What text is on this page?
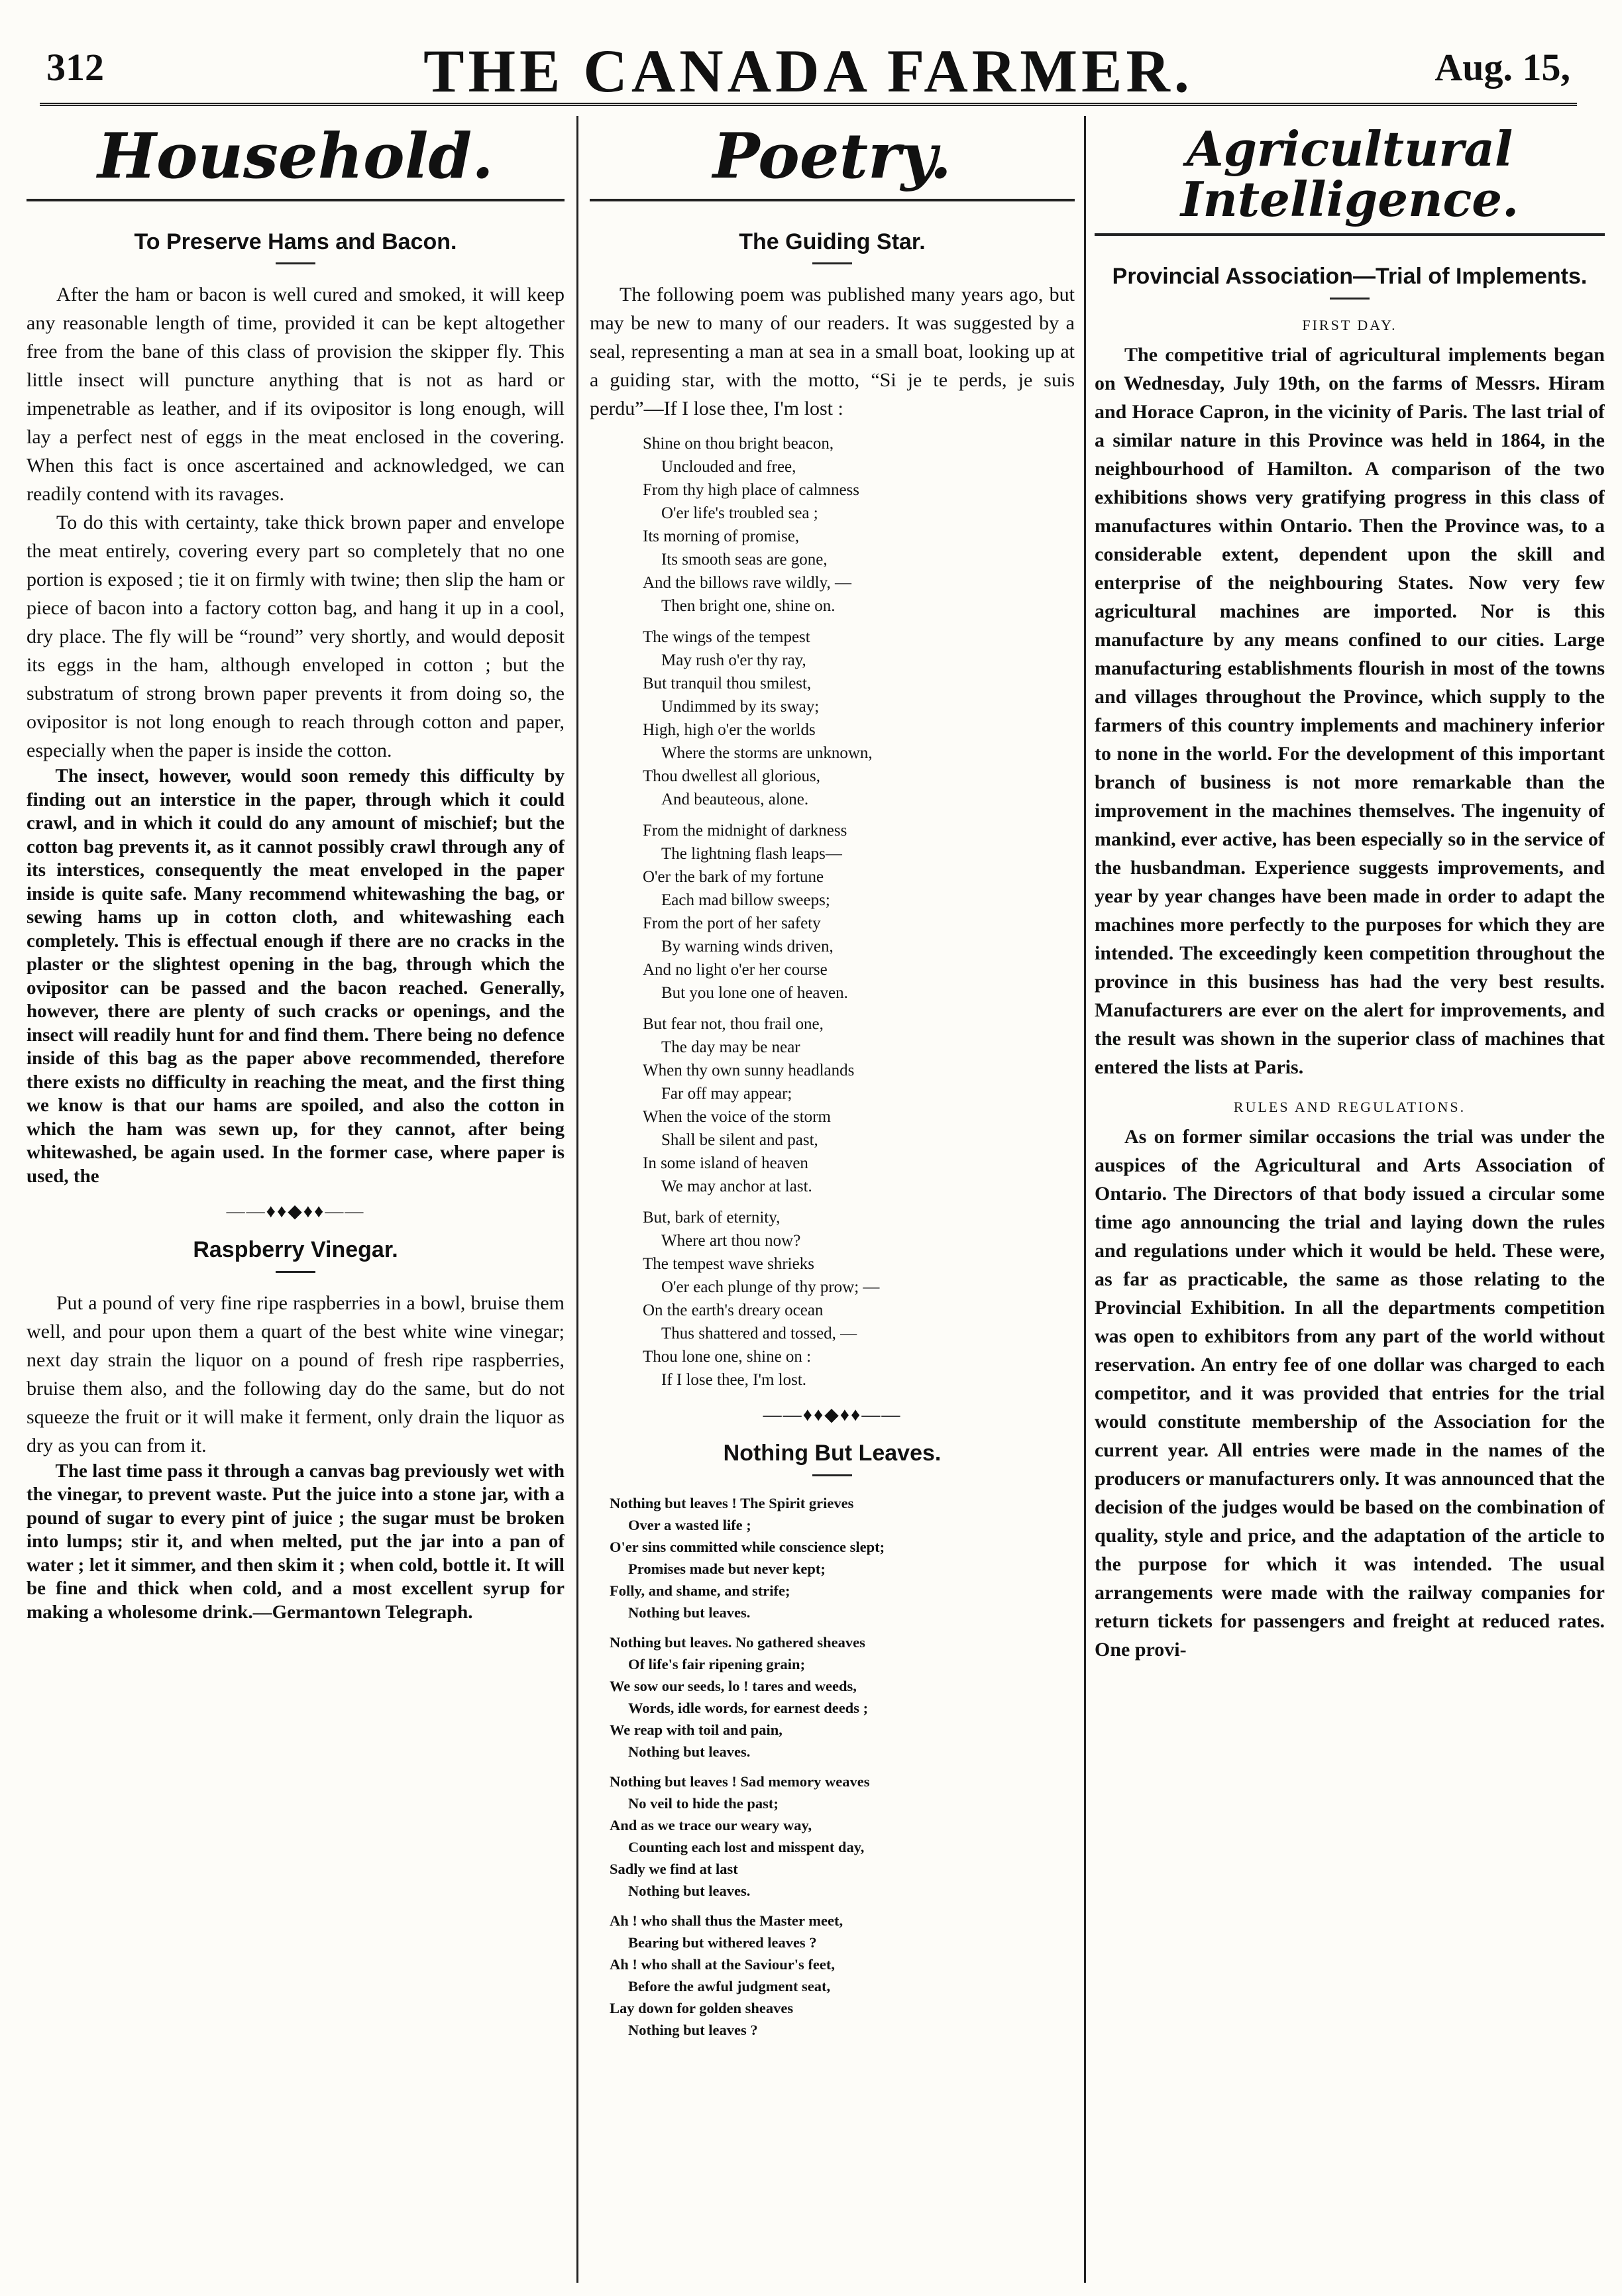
312	THE CANADA FARMER.	Aug. 15,
Household.
To Preserve Hams and Bacon.

After the ham or bacon is well cured and smoked, it will keep any reasonable length of time, provided it can be kept altogether free from the bane of this class of provision the skipper fly. This little insect will puncture anything that is not as hard or impenetrable as leather, and if its ovipositor is long enough, will lay a perfect nest of eggs in the meat enclosed in the covering. When this fact is once ascertained and acknowledged, we can readily contend with its ravages.

To do this with certainty, take thick brown paper and envelope the meat entirely, covering every part so completely that no one portion is exposed ; tie it on firmly with twine; then slip the ham or piece of bacon into a factory cotton bag, and hang it up in a cool, dry place. The fly will be “round” very shortly, and would deposit its eggs in the ham, although enveloped in cotton ; but the substratum of strong brown paper prevents it from doing so, the ovipositor is not long enough to reach through cotton and paper, especially when the paper is inside the cotton.

The insect, however, would soon remedy this difficulty by finding out an interstice in the paper, through which it could crawl, and in which it could do any amount of mischief; but the cotton bag prevents it, as it cannot possibly crawl through any of its interstices, consequently the meat enveloped in the paper inside is quite safe. Many recommend whitewashing the bag, or sewing hams up in cotton cloth, and whitewashing each completely. This is effectual enough if there are no cracks in the plaster or the slightest opening in the bag, through which the ovipositor can be passed and the bacon reached. Generally, however, there are plenty of such cracks or openings, and the insect will readily hunt for and find them. There being no defence inside of this bag as the paper above recommended, therefore there exists no difficulty in reaching the meat, and the first thing we know is that our hams are spoiled, and also the cotton in which the ham was sewn up, for they cannot, after being whitewashed, be again used. In the former case, where paper is used, the

——♦♦◆♦♦——
Raspberry Vinegar.

Put a pound of very fine ripe raspberries in a bowl, bruise them well, and pour upon them a quart of the best white wine vinegar; next day strain the liquor on a pound of fresh ripe raspberries, bruise them also, and the following day do the same, but do not squeeze the fruit or it will make it ferment, only drain the liquor as dry as you can from it.

The last time pass it through a canvas bag previously wet with the vinegar, to prevent waste. Put the juice into a stone jar, with a pound of sugar to every pint of juice ; the sugar must be broken into lumps; stir it, and when melted, put the jar into a pan of water ; let it simmer, and then skim it ; when cold, bottle it. It will be fine and thick when cold, and a most excellent syrup for making a wholesome drink.—Germantown Telegraph.

Poetry.
The Guiding Star.

The following poem was published many years ago, but may be new to many of our readers. It was suggested by a seal, representing a man at sea in a small boat, looking up at a guiding star, with the motto, “Si je te perds, je suis perdu”—If I lose thee, I'm lost :

Shine on thou bright beacon,
Unclouded and free,
From thy high place of calmness
O'er life's troubled sea ;
Its morning of promise,
Its smooth seas are gone,
And the billows rave wildly, —
Then bright one, shine on.
The wings of the tempest
May rush o'er thy ray,
But tranquil thou smilest,
Undimmed by its sway;
High, high o'er the worlds
Where the storms are unknown,
Thou dwellest all glorious,
And beauteous, alone.
From the midnight of darkness
The lightning flash leaps—
O'er the bark of my fortune
Each mad billow sweeps;
From the port of her safety
By warning winds driven,
And no light o'er her course
But you lone one of heaven.
But fear not, thou frail one,
The day may be near
When thy own sunny headlands
Far off may appear;
When the voice of the storm
Shall be silent and past,
In some island of heaven
We may anchor at last.
But, bark of eternity,
Where art thou now?
The tempest wave shrieks
O'er each plunge of thy prow; —
On the earth's dreary ocean
Thus shattered and tossed, —
Thou lone one, shine on :
If I lose thee, I'm lost.
——♦♦◆♦♦——
Nothing But Leaves.
Nothing but leaves ! The Spirit grieves
Over a wasted life ;
O'er sins committed while conscience slept;
Promises made but never kept;
Folly, and shame, and strife;
Nothing but leaves.
Nothing but leaves. No gathered sheaves
Of life's fair ripening grain;
We sow our seeds, lo ! tares and weeds,
Words, idle words, for earnest deeds ;
We reap with toil and pain,
Nothing but leaves.
Nothing but leaves ! Sad memory weaves
No veil to hide the past;
And as we trace our weary way,
Counting each lost and misspent day,
Sadly we find at last
Nothing but leaves.
Ah ! who shall thus the Master meet,
Bearing but withered leaves ?
Ah ! who shall at the Saviour's feet,
Before the awful judgment seat,
Lay down for golden sheaves
Nothing but leaves ?
Agricultural Intelligence.
Provincial Association—Trial of Implements.
FIRST DAY.

The competitive trial of agricultural implements began on Wednesday, July 19th, on the farms of Messrs. Hiram and Horace Capron, in the vicinity of Paris. The last trial of a similar nature in this Province was held in 1864, in the neighbourhood of Hamilton. A comparison of the two exhibitions shows very gratifying progress in this class of manufactures within Ontario. Then the Province was, to a considerable extent, dependent upon the skill and enterprise of the neighbouring States. Now very few agricultural machines are imported. Nor is this manufacture by any means confined to our cities. Large manufacturing establishments flourish in most of the towns and villages throughout the Province, which supply to the farmers of this country implements and machinery inferior to none in the world. For the development of this important branch of business is not more remarkable than the improvement in the machines themselves. The ingenuity of mankind, ever active, has been especially so in the service of the husbandman. Experience suggests improvements, and year by year changes have been made in order to adapt the machines more perfectly to the purposes for which they are intended. The exceedingly keen competition throughout the province in this business has had the very best results. Manufacturers are ever on the alert for improvements, and the result was shown in the superior class of machines that entered the lists at Paris.

RULES AND REGULATIONS.

As on former similar occasions the trial was under the auspices of the Agricultural and Arts Association of Ontario. The Directors of that body issued a circular some time ago announcing the trial and laying down the rules and regulations under which it would be held. These were, as far as practicable, the same as those relating to the Provincial Exhibition. In all the departments competition was open to exhibitors from any part of the world without reservation. An entry fee of one dollar was charged to each competitor, and it was provided that entries for the trial would constitute membership of the Association for the current year. All entries were made in the names of the producers or manufacturers only. It was announced that the decision of the judges would be based on the combination of quality, style and price, and the adaptation of the article to the purpose for which it was intended. The usual arrangements were made with the railway companies for return tickets for passengers and freight at reduced rates. One provi-
